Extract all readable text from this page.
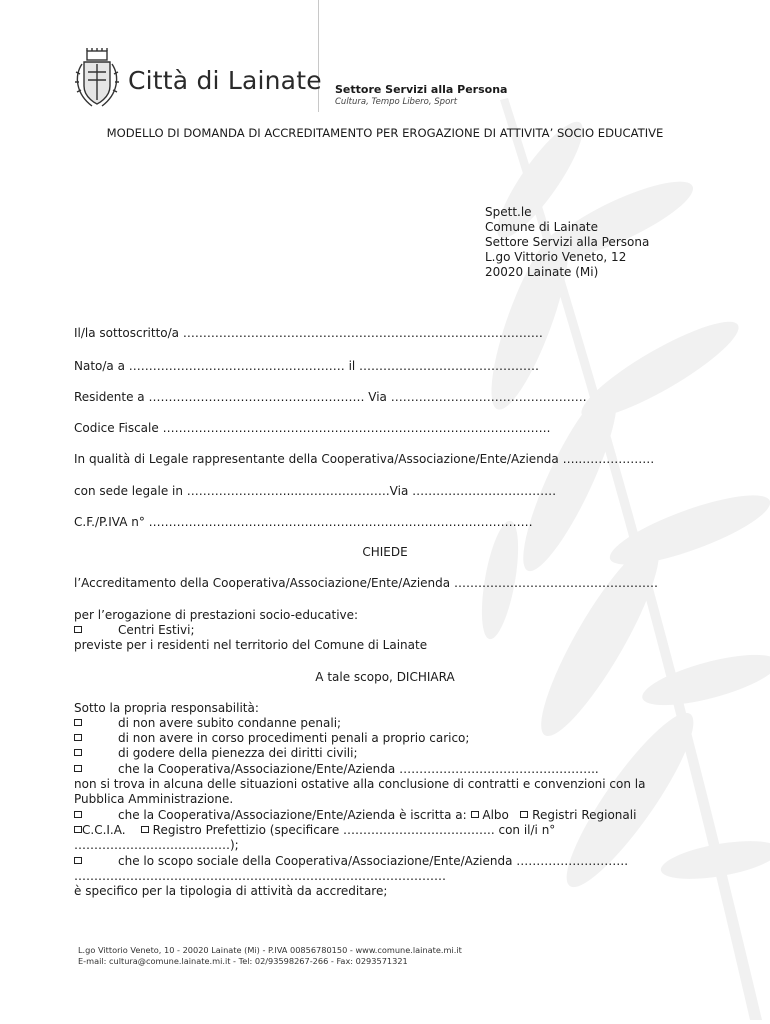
Città di Lainate Settore Servizi alla Persona
Cultura, Tempo Libero, Sport
MODELLO DI DOMANDA DI ACCREDITAMENTO PER EROGAZIONE DI ATTIVITA’ SOCIO EDUCATIVE
Spett.le
Comune di Lainate
Settore Servizi alla Persona
L.go Vittorio Veneto, 12
20020 Lainate (Mi)
Il/la sottoscritto/a ………………………………………………………………………………
Nato/a a ……………………………………………… il ………………………………………
Residente a ……………………………………………… Via ………………………………………….
Codice Fiscale …………………………………………………………………………………….
In qualità di Legale rappresentante della Cooperativa/Associazione/Ente/Azienda …..………………
con sede legale in …………………….....………………….Via ………………………………
C.F./P.IVA n° ……………………………………………………………………………………
CHIEDE
l’Accreditamento della Cooperativa/Associazione/Ente/Azienda ……………………………………………
per l’erogazione di prestazioni socio-educative:
Centri Estivi;
previste per i residenti nel territorio del Comune di Lainate
A tale scopo, DICHIARA
Sotto la propria responsabilità:
di non avere subito condanne penali;
di non avere in corso procedimenti penali a proprio carico;
di godere della pienezza dei diritti civili;
che la Cooperativa/Associazione/Ente/Azienda …………………………………………..
non si trova in alcuna delle situazioni ostative alla conclusione di contratti e convenzioni con la
Pubblica Amministrazione.
che la Cooperativa/Associazione/Ente/Azienda è iscritta a: Albo Registri Regionali
C.C.I.A. Registro Prefettizio (specificare ……………………………….. con il/i n°
…………………………………);
che lo scopo sociale della Cooperativa/Associazione/Ente/Azienda ……………………….
…………………………………………………………………………………
è specifico per la tipologia di attività da accreditare;
L.go Vittorio Veneto, 10 - 20020 Lainate (Mi) - P.IVA 00856780150 - www.comune.lainate.mi.it
E-mail: cultura@comune.lainate.mi.it - Tel: 02/93598267-266 - Fax: 0293571321
